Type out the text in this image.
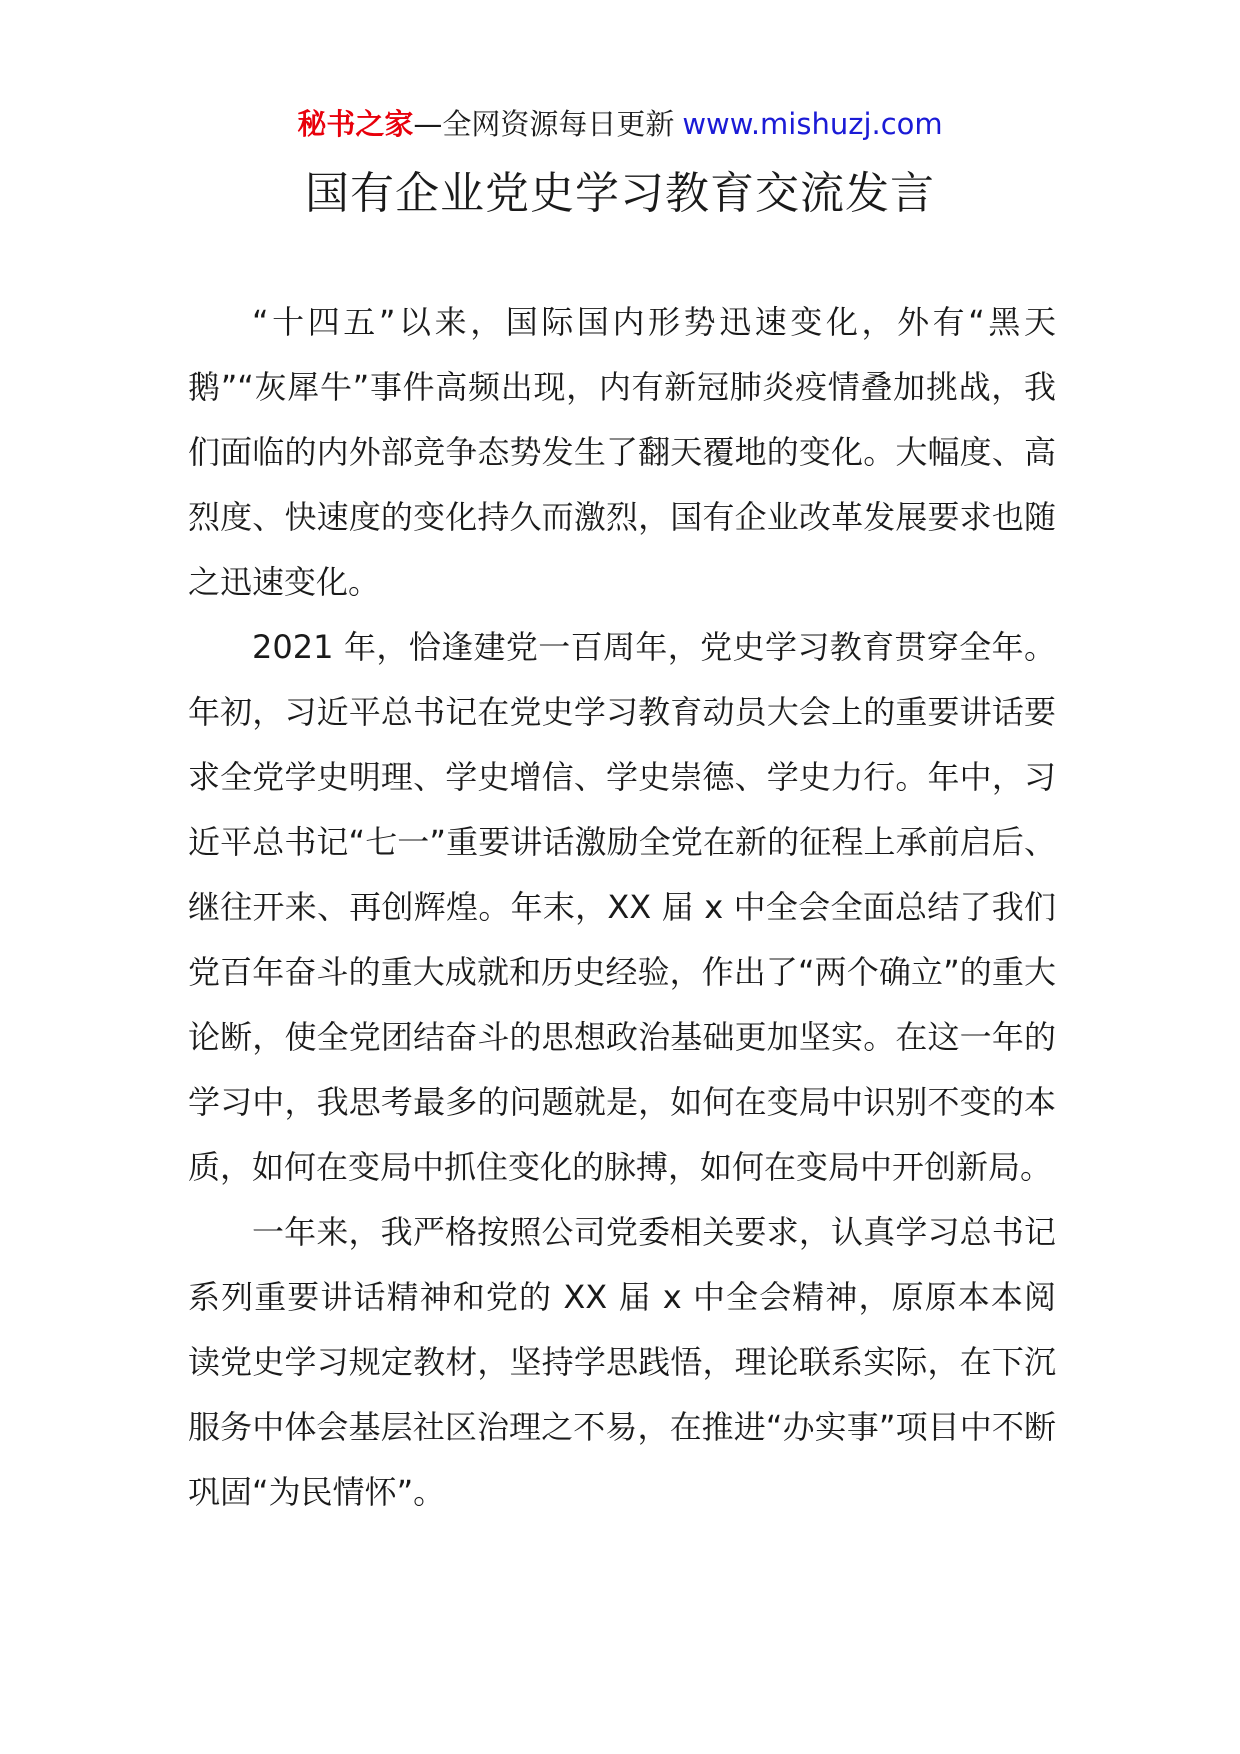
秘书之家—全网资源每日更新 www.mishuzj.com
国有企业党史学习教育交流发言

“十四五”以来，国际国内形势迅速变化，外有“黑天鹅”“灰犀牛”事件高频出现，内有新冠肺炎疫情叠加挑战，我们面临的内外部竞争态势发生了翻天覆地的变化。大幅度、高烈度、快速度的变化持久而激烈，国有企业改革发展要求也随之迅速变化。

2021 年，恰逢建党一百周年，党史学习教育贯穿全年。年初，习近平总书记在党史学习教育动员大会上的重要讲话要求全党学史明理、学史增信、学史崇德、学史力行。年中，习近平总书记“七一”重要讲话激励全党在新的征程上承前启后、继往开来、再创辉煌。年末，XX 届 x 中全会全面总结了我们党百年奋斗的重大成就和历史经验，作出了“两个确立”的重大论断，使全党团结奋斗的思想政治基础更加坚实。在这一年的学习中，我思考最多的问题就是，如何在变局中识别不变的本质，如何在变局中抓住变化的脉搏，如何在变局中开创新局。

一年来，我严格按照公司党委相关要求，认真学习总书记系列重要讲话精神和党的 XX 届 x 中全会精神，原原本本阅读党史学习规定教材，坚持学思践悟，理论联系实际，在下沉服务中体会基层社区治理之不易，在推进“办实事”项目中不断巩固“为民情怀”。
